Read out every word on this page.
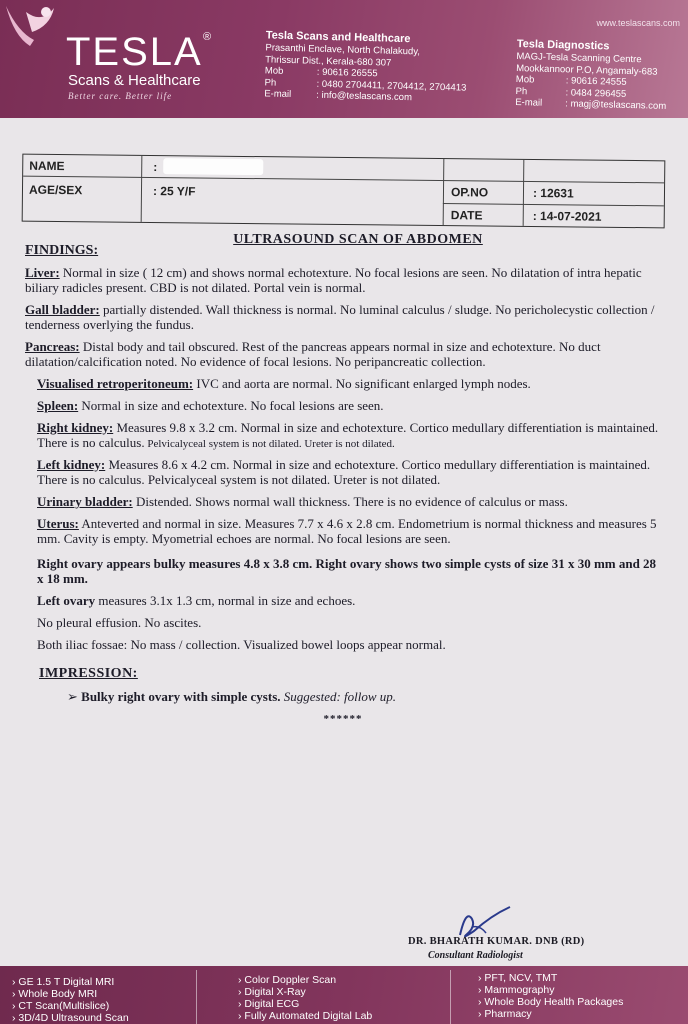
TESLA ®
Scans & Healthcare
Better care. Better life
www.teslascans.com
Tesla Scans and Healthcare
Prasanthi Enclave, North Chalakudy,
Thrissur Dist., Kerala-680 307
Mob	: 90616 26555
Ph	: 0480 2704411, 2704412, 2704413
E-mail	: info@teslascans.com
Tesla Diagnostics
MAGJ-Tesla Scanning Centre
Mookkannoor P.O, Angamaly-683
Mob	: 90616 24555
Ph	: 0484 296455
E-mail	: magj@teslascans.com
NAME	:
AGE/SEX	: 25 Y/F	OP.NO	: 12631
DATE	: 14-07-2021
ULTRASOUND SCAN OF ABDOMEN
FINDINGS:
Liver: Normal in size ( 12 cm) and shows normal echotexture. No focal lesions are seen. No dilatation of intra hepatic biliary radicles present. CBD is not dilated. Portal vein is normal.
Gall bladder: partially distended. Wall thickness is normal. No luminal calculus / sludge. No pericholecystic collection / tenderness overlying the fundus.
Pancreas: Distal body and tail obscured. Rest of the pancreas appears normal in size and echotexture. No duct dilatation/calcification noted. No evidence of focal lesions. No peripancreatic collection.
Visualised retroperitoneum: IVC and aorta are normal. No significant enlarged lymph nodes.
Spleen: Normal in size and echotexture. No focal lesions are seen.
Right kidney: Measures 9.8 x 3.2 cm. Normal in size and echotexture. Cortico medullary differentiation is maintained. There is no calculus. Pelvicalyceal system is not dilated. Ureter is not dilated.
Left kidney: Measures 8.6 x 4.2 cm. Normal in size and echotexture. Cortico medullary differentiation is maintained. There is no calculus. Pelvicalyceal system is not dilated. Ureter is not dilated.
Urinary bladder: Distended. Shows normal wall thickness. There is no evidence of calculus or mass.
Uterus: Anteverted and normal in size. Measures 7.7 x 4.6 x 2.8 cm. Endometrium is normal thickness and measures 5 mm. Cavity is empty. Myometrial echoes are normal. No focal lesions are seen.
Right ovary appears bulky measures 4.8 x 3.8 cm. Right ovary shows two simple cysts of size 31 x 30 mm and 28 x 18 mm.
Left ovary measures 3.1x 1.3 cm, normal in size and echoes.
No pleural effusion. No ascites.
Both iliac fossae: No mass / collection. Visualized bowel loops appear normal.
IMPRESSION:
➢ Bulky right ovary with simple cysts. Suggested: follow up.
******
DR. BHARATH KUMAR. DNB (RD)
Consultant Radiologist
› GE 1.5 T Digital MRI
› Whole Body MRI
› CT Scan(Multislice)
› 3D/4D Ultrasound Scan
› Color Doppler Scan
› Digital X-Ray
› Digital ECG
› Fully Automated Digital Lab
› PFT, NCV, TMT
› Mammography
› Whole Body Health Packages
› Pharmacy
